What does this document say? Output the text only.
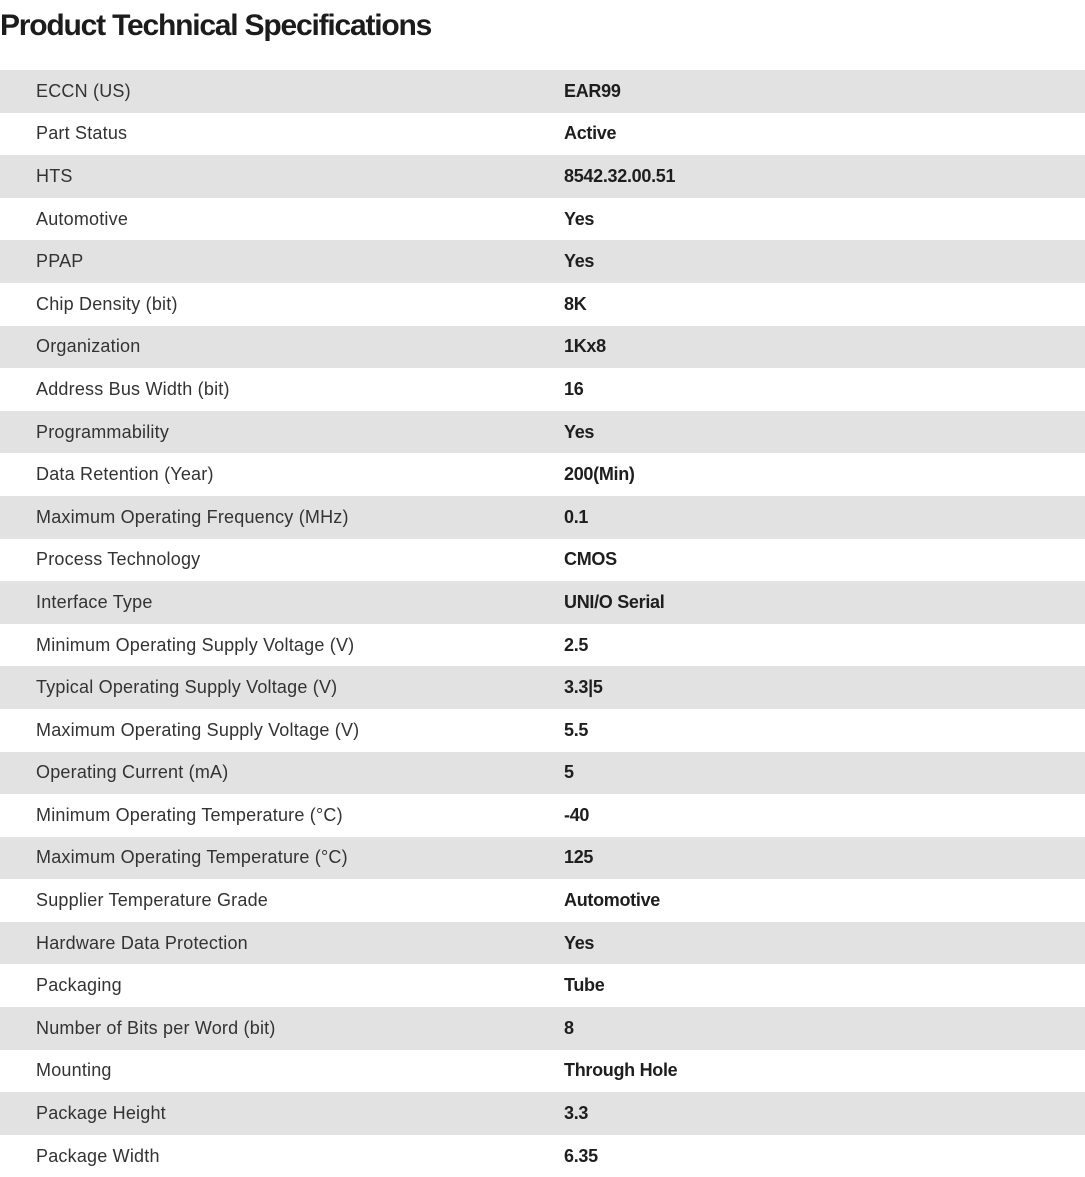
Product Technical Specifications
ECCN (US)	EAR99
Part Status	Active
HTS	8542.32.00.51
Automotive	Yes
PPAP	Yes
Chip Density (bit)	8K
Organization	1Kx8
Address Bus Width (bit)	16
Programmability	Yes
Data Retention (Year)	200(Min)
Maximum Operating Frequency (MHz)	0.1
Process Technology	CMOS
Interface Type	UNI/O Serial
Minimum Operating Supply Voltage (V)	2.5
Typical Operating Supply Voltage (V)	3.3|5
Maximum Operating Supply Voltage (V)	5.5
Operating Current (mA)	5
Minimum Operating Temperature (°C)	-40
Maximum Operating Temperature (°C)	125
Supplier Temperature Grade	Automotive
Hardware Data Protection	Yes
Packaging	Tube
Number of Bits per Word (bit)	8
Mounting	Through Hole
Package Height	3.3
Package Width	6.35
